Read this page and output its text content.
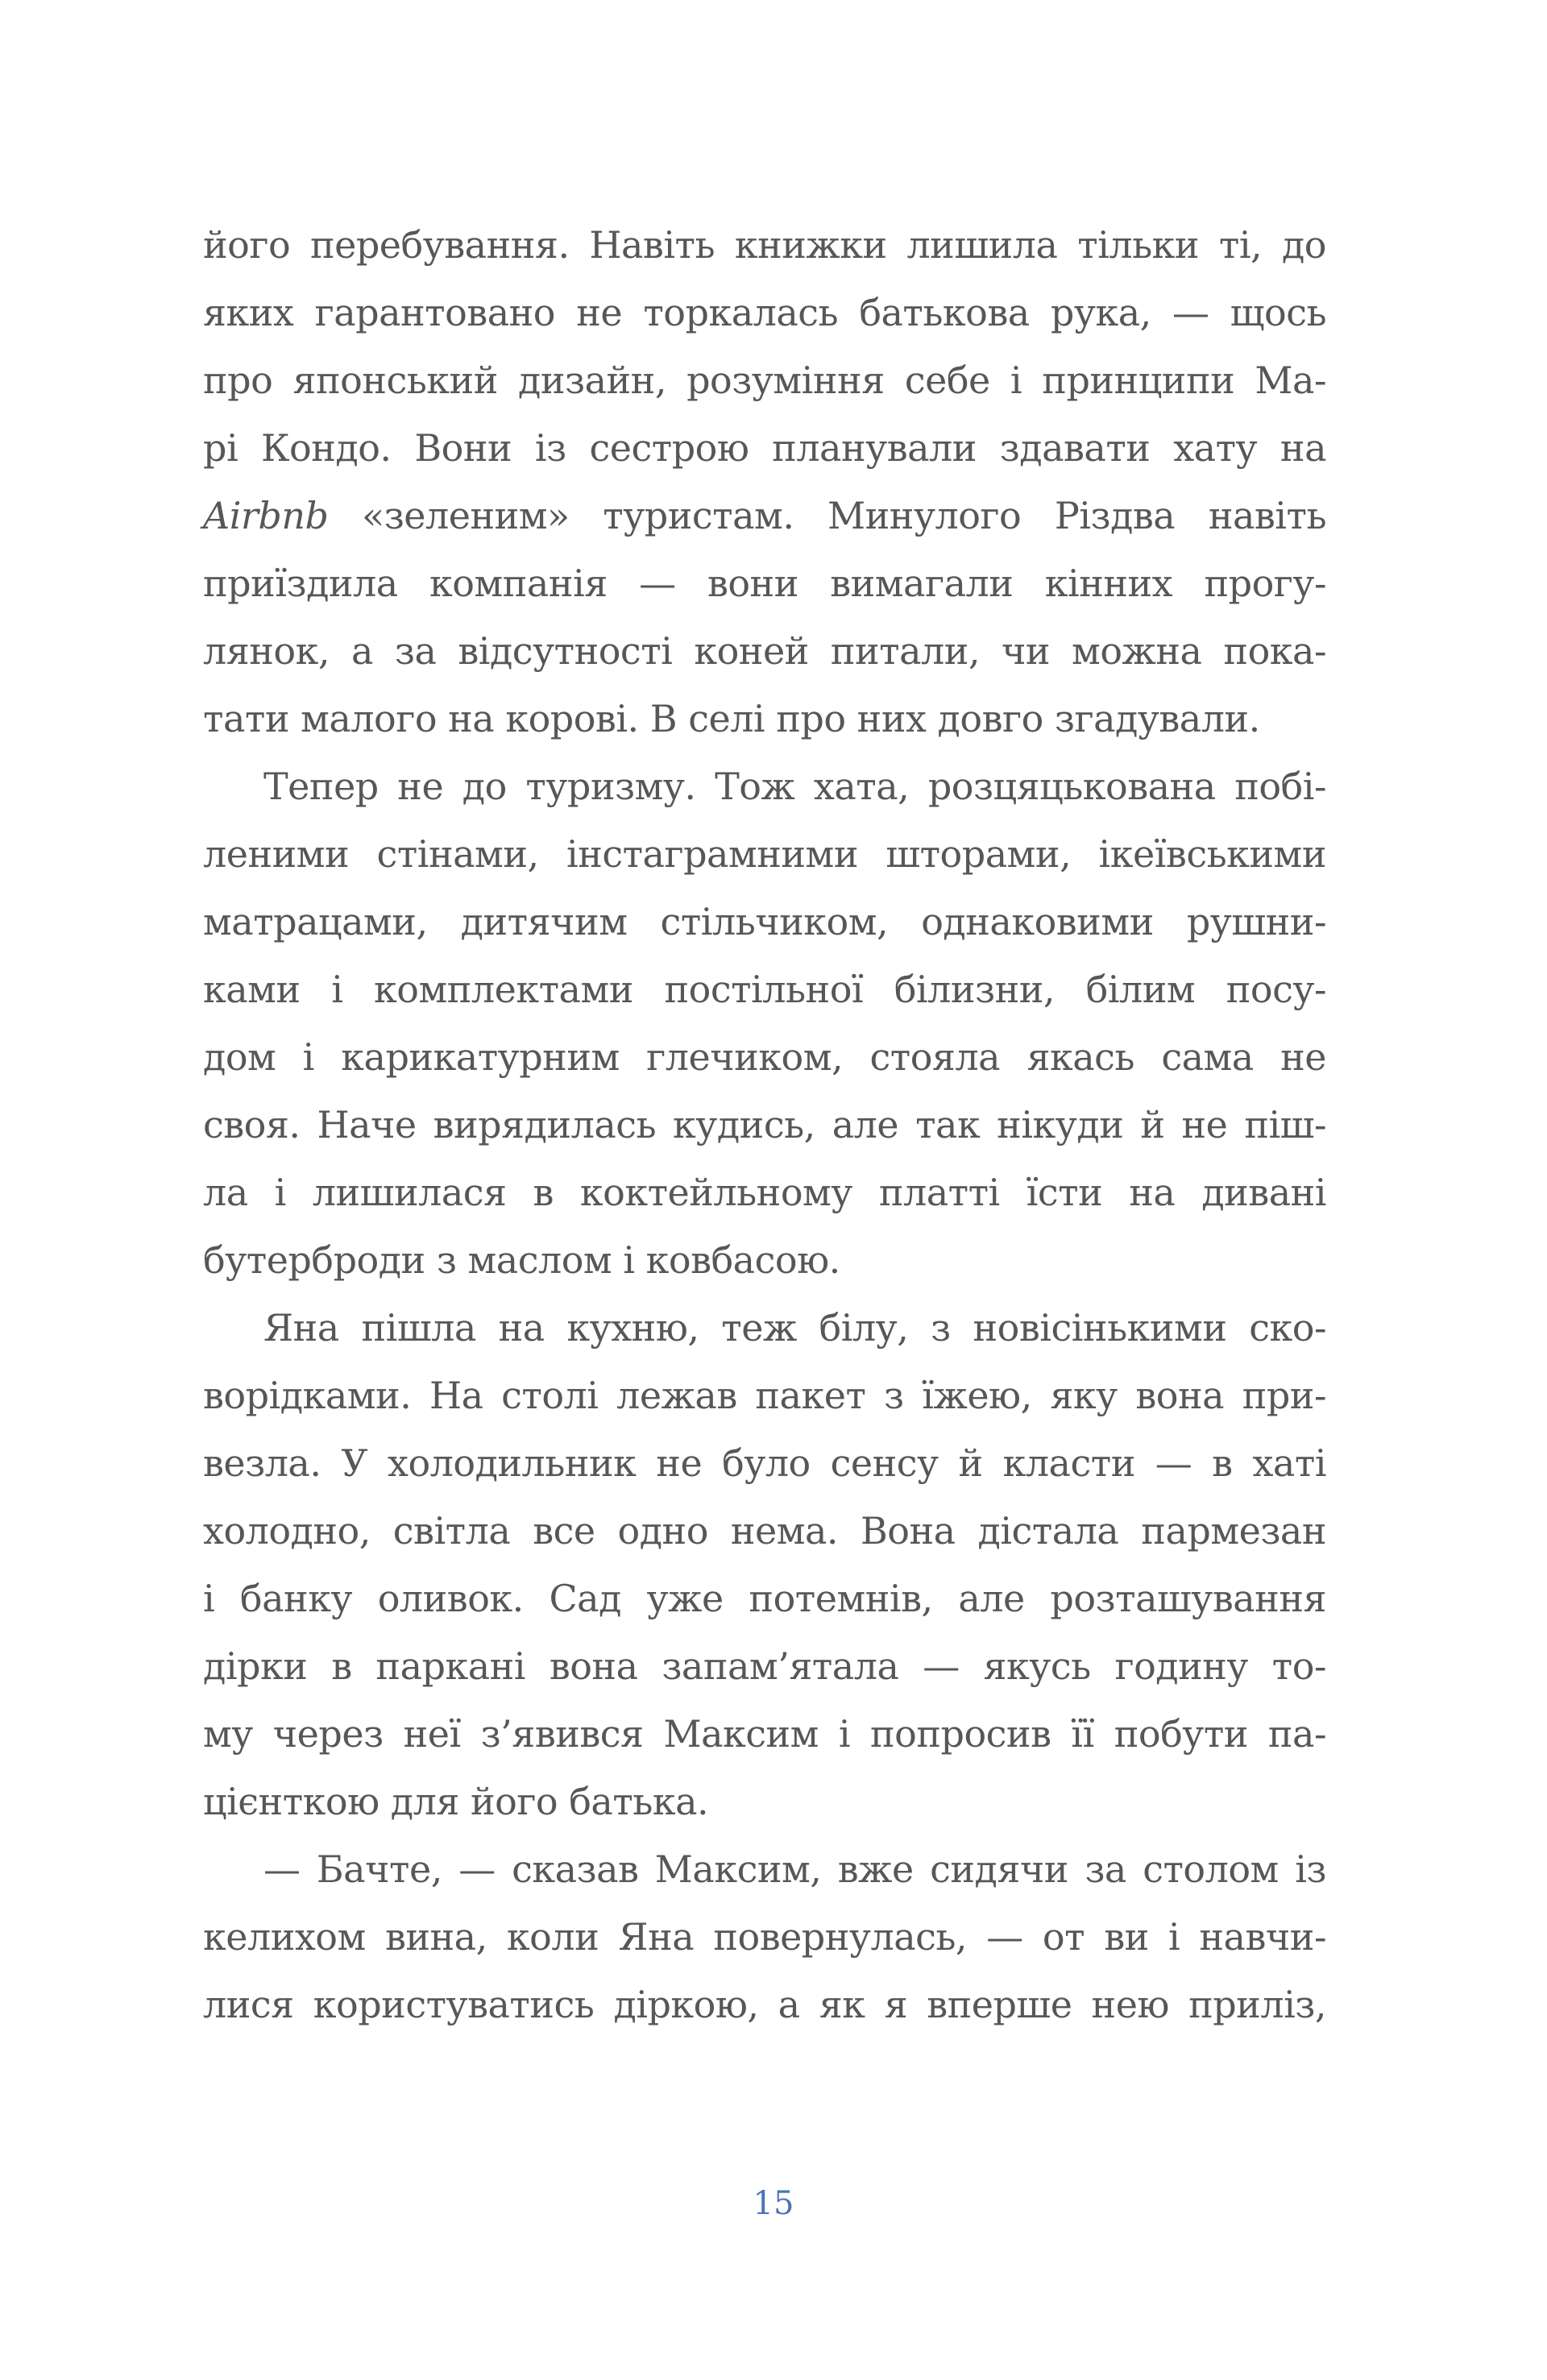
його перебування. Навіть книжки лишила тільки ті, до
яких гарантовано не торкалась батькова рука, — щось
про японський дизайн, розуміння себе і принципи Ма-
рі Кондо. Вони із сестрою планували здавати хату на
Airbnb «зеленим» туристам. Минулого Різдва навіть
приїздила компанія — вони вимагали кінних прогу-
лянок, а за відсутності коней питали, чи можна пока-
тати малого на корові. В селі про них довго згадували.

Тепер не до туризму. Тож хата, розцяцькована побі-
леними стінами, інстаграмними шторами, ікеївськими
матрацами, дитячим стільчиком, однаковими рушни-
ками і комплектами постільної білизни, білим посу-
дом і карикатурним глечиком, стояла якась сама не
своя. Наче вирядилась кудись, але так нікуди й не піш-
ла і лишилася в коктейльному платті їсти на дивані
бутерброди з маслом і ковбасою.

Яна пішла на кухню, теж білу, з новісінькими ско-
ворідками. На столі лежав пакет з їжею, яку вона при-
везла. У холодильник не було сенсу й класти — в хаті
холодно, світла все одно нема. Вона дістала пармезан
і банку оливок. Сад уже потемнів, але розташування
дірки в паркані вона запам’ятала — якусь годину то-
му через неї з’явився Максим і попросив її побути па-
цієнткою для його батька.

— Бачте, — сказав Максим, вже сидячи за столом із
келихом вина, коли Яна повернулась, — от ви і навчи-
лися користуватись діркою, а як я вперше нею приліз,

15
